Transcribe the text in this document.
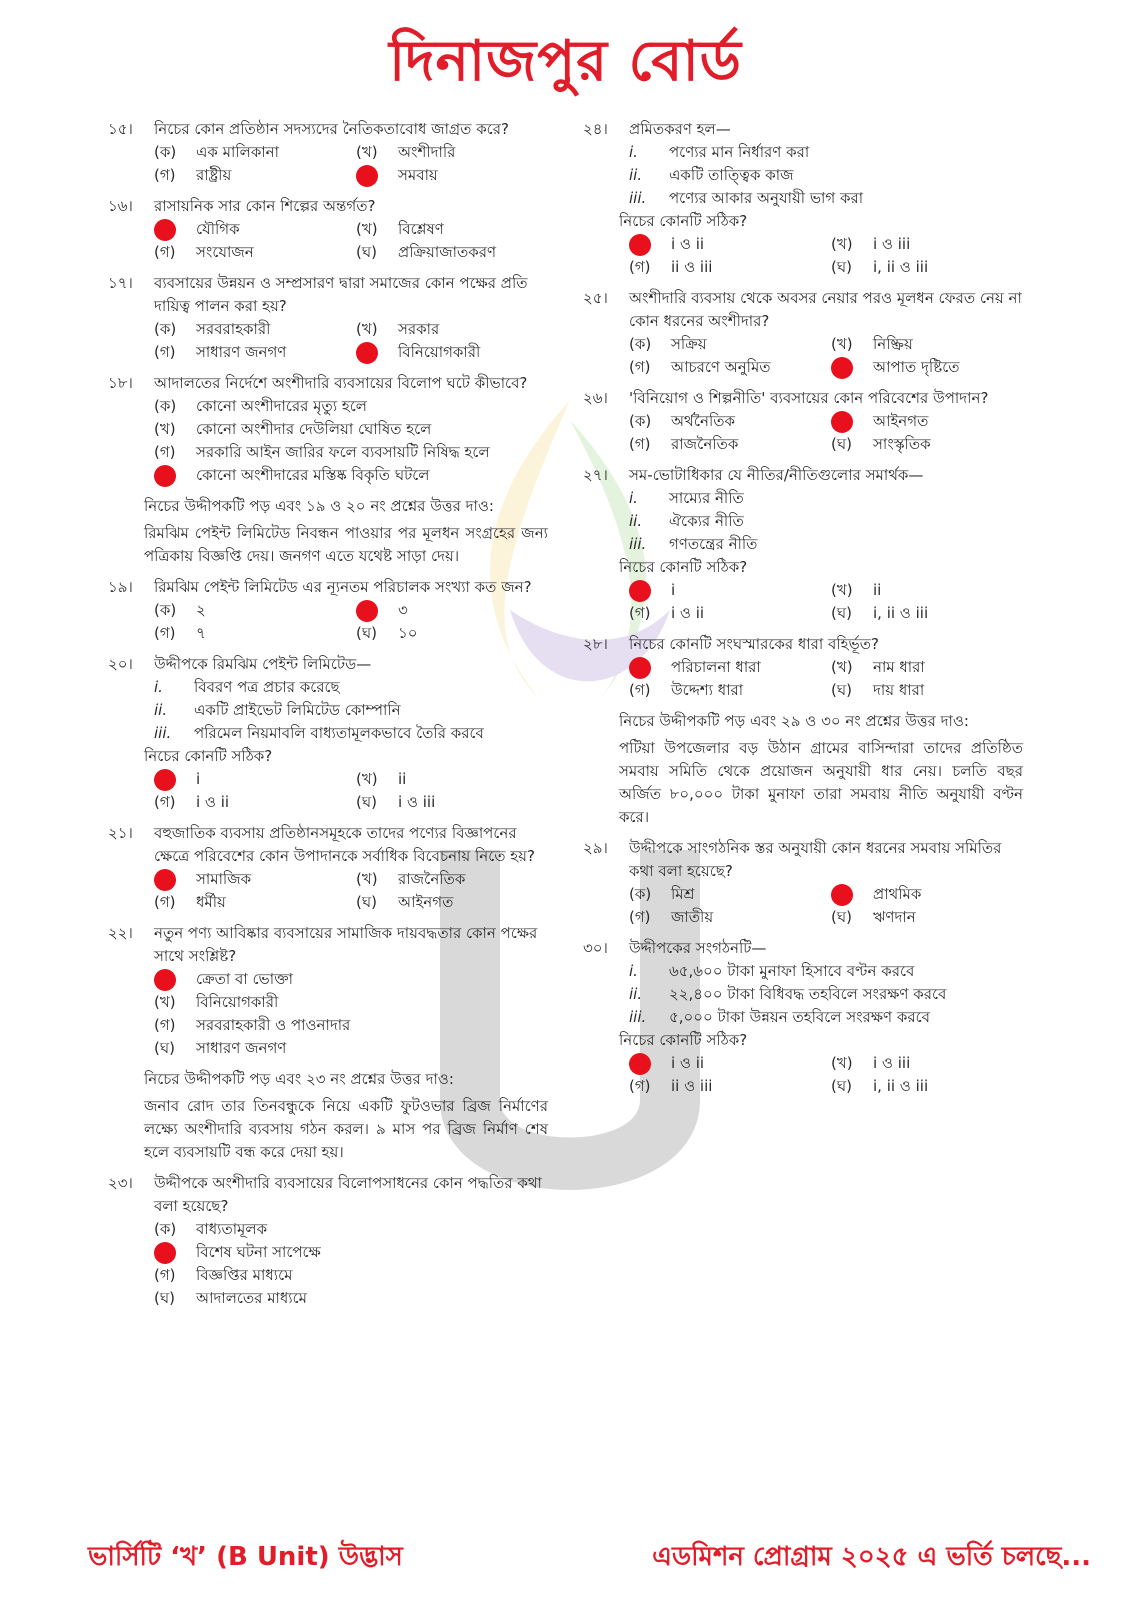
দিনাজপুর বোর্ড
১৫।	নিচের কোন প্রতিষ্ঠান সদস্যদের নৈতিকতাবোধ জাগ্রত করে?
(ক)	এক মালিকানা	(খ)	অংশীদারি
(গ)	রাষ্ট্রীয়	সমবায়
১৬।	রাসায়নিক সার কোন শিল্পের অন্তর্গত?
যৌগিক	(খ)	বিশ্লেষণ
(গ)	সংযোজন	(ঘ)	প্রক্রিয়াজাতকরণ
১৭।	ব্যবসায়ের উন্নয়ন ও সম্প্রসারণ দ্বারা সমাজের কোন পক্ষের প্রতি দায়িত্ব পালন করা হয়?
(ক)	সরবরাহকারী	(খ)	সরকার
(গ)	সাধারণ জনগণ	বিনিয়োগকারী
১৮।	আদালতের নির্দেশে অংশীদারি ব্যবসায়ের বিলোপ ঘটে কীভাবে?
(ক)	কোনো অংশীদারের মৃত্যু হলে
(খ)	কোনো অংশীদার দেউলিয়া ঘোষিত হলে
(গ)	সরকারি আইন জারির ফলে ব্যবসায়টি নিষিদ্ধ হলে
কোনো অংশীদারের মস্তিষ্ক বিকৃতি ঘটলে
নিচের উদ্দীপকটি পড় এবং ১৯ ও ২০ নং প্রশ্নের উত্তর দাও:
রিমঝিম পেইন্ট লিমিটেড নিবন্ধন পাওয়ার পর মূলধন সংগ্রহের জন্য পত্রিকায় বিজ্ঞপ্তি দেয়। জনগণ এতে যথেষ্ট সাড়া দেয়।
১৯।	রিমঝিম পেইন্ট লিমিটেড এর ন্যূনতম পরিচালক সংখ্যা কত জন?
(ক)	২	৩
(গ)	৭	(ঘ)	১০
২০।	উদ্দীপকে রিমঝিম পেইন্ট লিমিটেড—
i.	বিবরণ পত্র প্রচার করেছে
ii.	একটি প্রাইভেট লিমিটেড কোম্পানি
iii.	পরিমেল নিয়মাবলি বাধ্যতামূলকভাবে তৈরি করবে
নিচের কোনটি সঠিক?
i	(খ)	ii
(গ)	i ও ii	(ঘ)	i ও iii
২১।	বহুজাতিক ব্যবসায় প্রতিষ্ঠানসমূহকে তাদের পণ্যের বিজ্ঞাপনের ক্ষেত্রে পরিবেশের কোন উপাদানকে সর্বাধিক বিবেচনায় নিতে হয়?
সামাজিক	(খ)	রাজনৈতিক
(গ)	ধর্মীয়	(ঘ)	আইনগত
২২।	নতুন পণ্য আবিষ্কার ব্যবসায়ের সামাজিক দায়বদ্ধতার কোন পক্ষের সাথে সংশ্লিষ্ট?
ক্রেতা বা ভোক্তা
(খ)	বিনিয়োগকারী
(গ)	সরবরাহকারী ও পাওনাদার
(ঘ)	সাধারণ জনগণ
নিচের উদ্দীপকটি পড় এবং ২৩ নং প্রশ্নের উত্তর দাও:
জনাব রোদ তার তিনবন্ধুকে নিয়ে একটি ফুটওভার ব্রিজ নির্মাণের লক্ষ্যে অংশীদারি ব্যবসায় গঠন করল। ৯ মাস পর ব্রিজ নির্মাণ শেষ হলে ব্যবসায়টি বন্ধ করে দেয়া হয়।
২৩।	উদ্দীপকে অংশীদারি ব্যবসায়ের বিলোপসাধনের কোন পদ্ধতির কথা বলা হয়েছে?
(ক)	বাধ্যতামূলক
বিশেষ ঘটনা সাপেক্ষে
(গ)	বিজ্ঞপ্তির মাধ্যমে
(ঘ)	আদালতের মাধ্যমে
২৪।	প্রমিতকরণ হল—
i.	পণ্যের মান নির্ধারণ করা
ii.	একটি তাত্ত্বিক কাজ
iii.	পণ্যের আকার অনুযায়ী ভাগ করা
নিচের কোনটি সঠিক?
i ও ii	(খ)	i ও iii
(গ)	ii ও iii	(ঘ)	i, ii ও iii
২৫।	অংশীদারি ব্যবসায় থেকে অবসর নেয়ার পরও মূলধন ফেরত নেয় না কোন ধরনের অংশীদার?
(ক)	সক্রিয়	(খ)	নিষ্ক্রিয়
(গ)	আচরণে অনুমিত	আপাত দৃষ্টিতে
২৬।	'বিনিয়োগ ও শিল্পনীতি' ব্যবসায়ের কোন পরিবেশের উপাদান?
(ক)	অর্থনৈতিক	আইনগত
(গ)	রাজনৈতিক	(ঘ)	সাংস্কৃতিক
২৭।	সম-ভোটাধিকার যে নীতির/নীতিগুলোর সমার্থক—
i.	সাম্যের নীতি
ii.	ঐক্যের নীতি
iii.	গণতন্ত্রের নীতি
নিচের কোনটি সঠিক?
i	(খ)	ii
(গ)	i ও ii	(ঘ)	i, ii ও iii
২৮।	নিচের কোনটি সংঘস্মারকের ধারা বহির্ভূত?
পরিচালনা ধারা	(খ)	নাম ধারা
(গ)	উদ্দেশ্য ধারা	(ঘ)	দায় ধারা
নিচের উদ্দীপকটি পড় এবং ২৯ ও ৩০ নং প্রশ্নের উত্তর দাও:
পটিয়া উপজেলার বড় উঠান গ্রামের বাসিন্দারা তাদের প্রতিষ্ঠিত সমবায় সমিতি থেকে প্রয়োজন অনুযায়ী ধার নেয়। চলতি বছর অর্জিত ৮০,০০০ টাকা মুনাফা তারা সমবায় নীতি অনুযায়ী বণ্টন করে।
২৯।	উদ্দীপকে সাংগঠনিক স্তর অনুযায়ী কোন ধরনের সমবায় সমিতির কথা বলা হয়েছে?
(ক)	মিশ্র	প্রাথমিক
(গ)	জাতীয়	(ঘ)	ঋণদান
৩০।	উদ্দীপকের সংগঠনটি—
i.	৬৫,৬০০ টাকা মুনাফা হিসাবে বণ্টন করবে
ii.	২২,৪০০ টাকা বিধিবদ্ধ তহবিলে সংরক্ষণ করবে
iii.	৫,০০০ টাকা উন্নয়ন তহবিলে সংরক্ষণ করবে
নিচের কোনটি সঠিক?
i ও ii	(খ)	i ও iii
(গ)	ii ও iii	(ঘ)	i, ii ও iii
ভার্সিটি ‘খ’ (B Unit) উদ্ভাস	এডমিশন প্রোগ্রাম ২০২৫ এ ভর্তি চলছে...
